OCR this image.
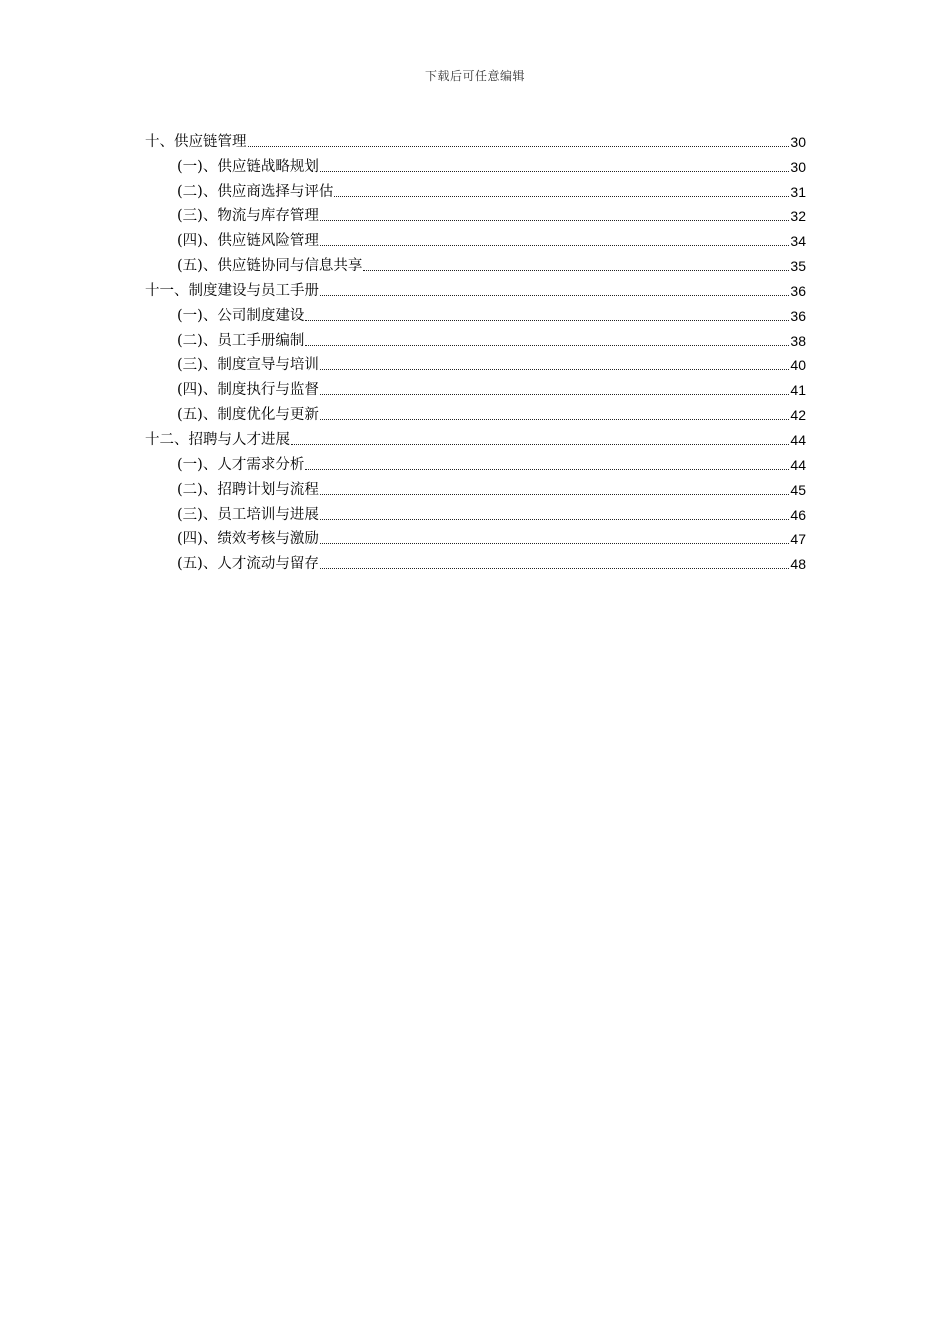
下载后可任意编辑
十、供应链管理	30
(一)、供应链战略规划	30
(二)、供应商选择与评估	31
(三)、物流与库存管理	32
(四)、供应链风险管理	34
(五)、供应链协同与信息共享	35
十一、制度建设与员工手册	36
(一)、公司制度建设	36
(二)、员工手册编制	38
(三)、制度宣导与培训	40
(四)、制度执行与监督	41
(五)、制度优化与更新	42
十二、招聘与人才进展	44
(一)、人才需求分析	44
(二)、招聘计划与流程	45
(三)、员工培训与进展	46
(四)、绩效考核与激励	47
(五)、人才流动与留存	48
